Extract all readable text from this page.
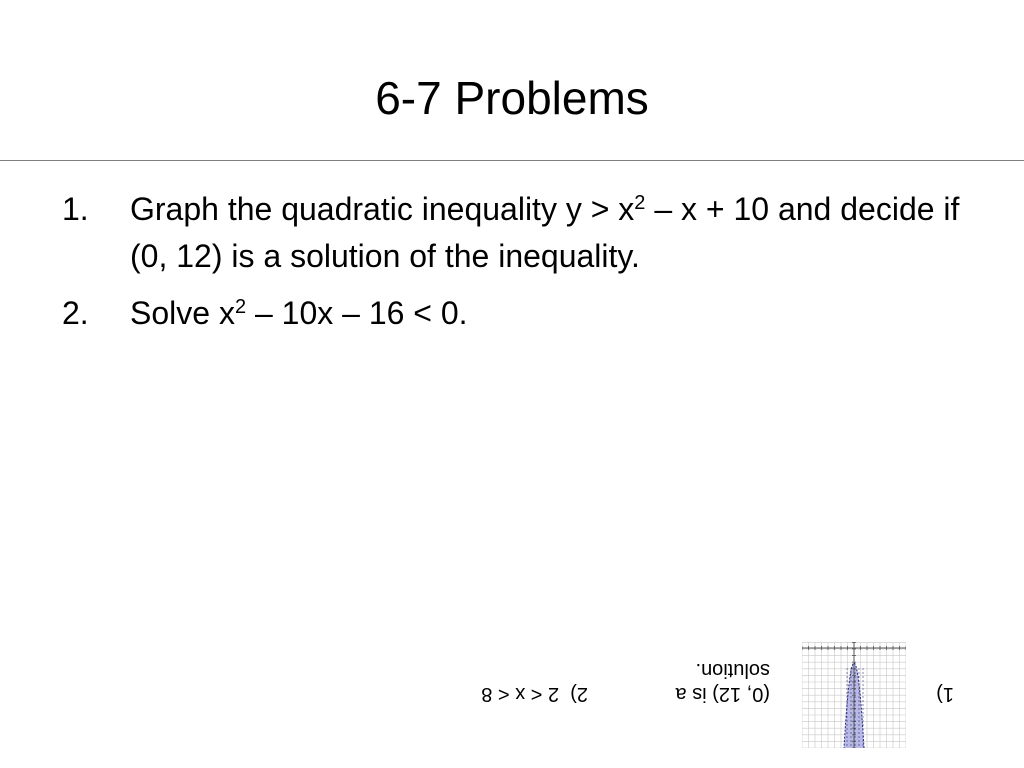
6-7 Problems
1.	Graph the quadratic inequality $y > x^2 - x + 10$ and decide if (0, 12) is a solution of the inequality.
2.	Solve $x^2 - 10x - 16 < 0$.
1)
(0, 12) is a solution.
2)  2 < x < 8
